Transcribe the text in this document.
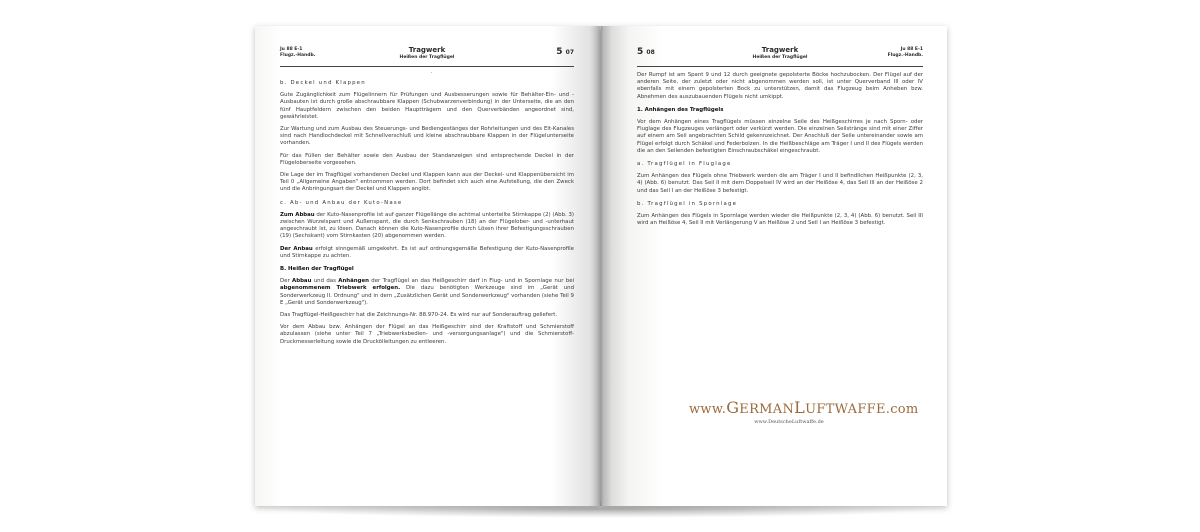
Ju 88 E-1
Flugz.-Handb.
Tragwerk
Heißen der Tragflügel
5 07
·

b. Deckel und Klappen

Gute Zugänglichkeit zum Flügelinnern für Prüfungen und Ausbesserungen sowie für Behälter-Ein- und -Ausbauten ist durch große abschraubbare Klappen (Schubwarzenverbindung) in der Unterseite, die an den fünf Hauptfeldern zwischen den beiden Hauptträgern und den Querverbänden angeordnet sind, gewährleistet.

Zur Wartung und zum Ausbau des Steuerungs- und Bediengestänges der Rohrleitungen und des Elt-Kanales sind nach Handlochdeckel mit Schnellverschluß und kleine abschraubbare Klappen in der Flügelunterseite vorhanden.

Für das Füllen der Behälter sowie den Ausbau der Standanzeigen sind entsprechende Deckel in der Flügeloberseite vorgesehen.

Die Lage der im Tragflügel vorhandenen Deckel und Klappen kann aus der Deckel- und Klappenübersicht im Teil 0 „Allgemeine Angaben" entnommen werden. Dort befindet sich auch eine Aufstellung, die den Zweck und die Anbringungsart der Deckel und Klappen angibt.

c. Ab- und Anbau der Kuto-Nase

Zum Abbau der Kuto-Nasenprofile ist auf ganzer Flügellänge die achtmal unterteilte Stirnkappe (2) (Abb. 3) zwischen Wurzelspant und Außenspant, die durch Senkschrauben (18) an der Flügelober- und -unterhaut angeschraubt ist, zu lösen. Danach können die Kuto-Nasenprofile durch Lösen ihrer Befestigungsschrauben (19) (Sechskant) vom Stirnkasten (20) abgenommen werden.

Der Anbau erfolgt sinngemäß umgekehrt. Es ist auf ordnungsgemäße Befestigung der Kuto-Nasenprofile und Stirnkappe zu achten.

B. Heißen der Tragflügel

Der Abbau und das Anhängen der Tragflügel an das Heißgeschirr darf in Flug- und in Spornlage nur bei abgenommenem Triebwerk erfolgen. Die dazu benötigten Werkzeuge sind im „Gerät und Sonderwerkzeug II. Ordnung" und in dem „Zusätzlichen Gerät und Sonderwerkzeug" vorhanden (siehe Teil 9 E „Gerät und Sonderwerkzeug").

Das Tragflügel-Heißgeschirr hat die Zeichnungs-Nr. 88.970-24. Es wird nur auf Sonderauftrag geliefert.

Vor dem Abbau bzw. Anhängen der Flügel an das Heißgeschirr sind der Kraftstoff und Schmierstoff abzulassen (siehe unter Teil 7 „Triebwerksbedien- und -versorgungsanlage") und die Schmierstoff-Druckmesserleitung sowie die Druckölleitungen zu entleeren.

5 08	Tragwerk
Heißen der Tragflügel
Ju 88 E-1
Flugz.-Handb.

Der Rumpf ist am Spant 9 und 12 durch geeignete gepolsterte Böcke hochzubocken. Der Flügel auf der anderen Seite, der zuletzt oder nicht abgenommen werden soll, ist unter Querverband III oder IV ebenfalls mit einem gepolsterten Bock zu unterstützen, damit das Flugzeug beim Anheben bzw. Abnehmen des auszubauenden Flügels nicht umkippt.

1. Anhängen des Tragflügels

Vor dem Anhängen eines Tragflügels müssen einzelne Seile des Heißgeschirres je nach Sporn- oder Fluglage des Flugzeuges verlängert oder verkürzt werden. Die einzelnen Seilstränge sind mit einer Ziffer auf einem am Seil angebrachten Schild gekennzeichnet. Der Anschluß der Seile untereinander sowie am Flügel erfolgt durch Schäkel und Federbolzen. In die Heißbeschläge am Träger I und II des Flügels werden die an den Seilenden befestigten Einschraubschäkel eingeschraubt.

a. Tragflügel in Fluglage

Zum Anhängen des Flügels ohne Triebwerk werden die am Träger I und II befindlichen Heißpunkte (2, 3, 4) (Abb. 6) benutzt. Das Seil II mit dem Doppelseil IV wird an der Heißöse 4, das Seil III an der Heißöse 2 und das Seil I an der Heißöse 3 befestigt.

b. Tragflügel in Spornlage

Zum Anhängen des Flügels in Spornlage werden wieder die Heißpunkte (2, 3, 4) (Abb. 6) benutzt. Seil III wird an Heißöse 4, Seil II mit Verlängerung V an Heißöse 2 und Seil I an Heißöse 3 befestigt.

www.GERMANLUFTWAFFE.com
www.DeutscheLuftwaffe.de
